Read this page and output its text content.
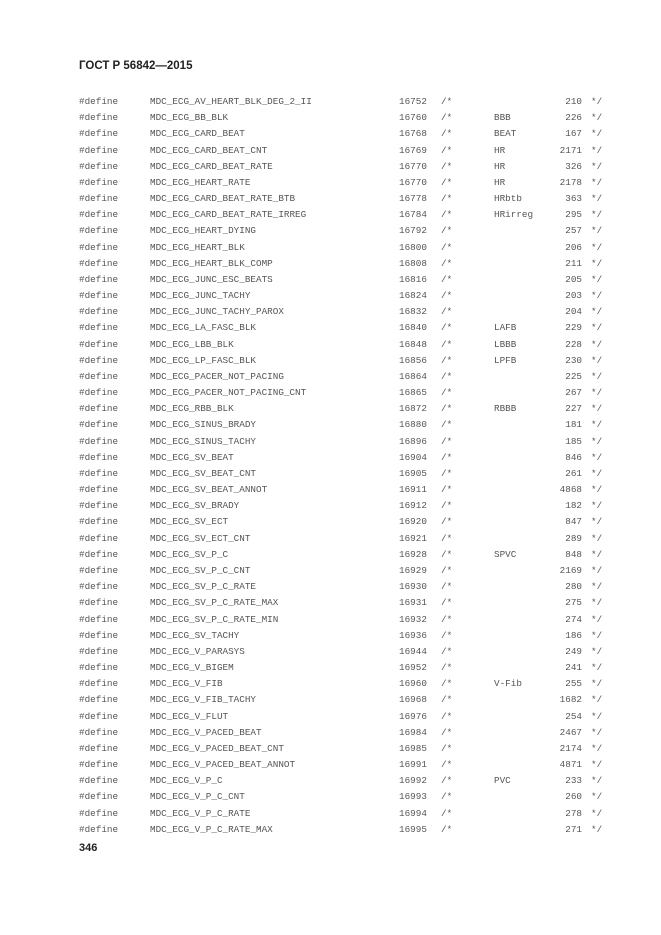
ГОСТ Р 56842—2015
#define	MDC_ECG_AV_HEART_BLK_DEG_2_II	16752 /*	210 */
#define	MDC_ECG_BB_BLK	16760 /*	BBB	226 */
#define	MDC_ECG_CARD_BEAT	16768 /*	BEAT	167 */
#define	MDC_ECG_CARD_BEAT_CNT	16769 /*	HR	2171 */
#define	MDC_ECG_CARD_BEAT_RATE	16770 /*	HR	326 */
#define	MDC_ECG_HEART_RATE	16770 /*	HR	2178 */
#define	MDC_ECG_CARD_BEAT_RATE_BTB	16778 /*	HRbtb	363 */
#define	MDC_ECG_CARD_BEAT_RATE_IRREG	16784 /*	HRirreg	295 */
#define	MDC_ECG_HEART_DYING	16792 /*	257 */
#define	MDC_ECG_HEART_BLK	16800 /*	206 */
#define	MDC_ECG_HEART_BLK_COMP	16808 /*	211 */
#define	MDC_ECG_JUNC_ESC_BEATS	16816 /*	205 */
#define	MDC_ECG_JUNC_TACHY	16824 /*	203 */
#define	MDC_ECG_JUNC_TACHY_PAROX	16832 /*	204 */
#define	MDC_ECG_LA_FASC_BLK	16840 /*	LAFB	229 */
#define	MDC_ECG_LBB_BLK	16848 /*	LBBB	228 */
#define	MDC_ECG_LP_FASC_BLK	16856 /*	LPFB	230 */
#define	MDC_ECG_PACER_NOT_PACING	16864 /*	225 */
#define	MDC_ECG_PACER_NOT_PACING_CNT	16865 /*	267 */
#define	MDC_ECG_RBB_BLK	16872 /*	RBBB	227 */
#define	MDC_ECG_SINUS_BRADY	16880 /*	181 */
#define	MDC_ECG_SINUS_TACHY	16896 /*	185 */
#define	MDC_ECG_SV_BEAT	16904 /*	846 */
#define	MDC_ECG_SV_BEAT_CNT	16905 /*	261 */
#define	MDC_ECG_SV_BEAT_ANNOT	16911 /*	4868 */
#define	MDC_ECG_SV_BRADY	16912 /*	182 */
#define	MDC_ECG_SV_ECT	16920 /*	847 */
#define	MDC_ECG_SV_ECT_CNT	16921 /*	289 */
#define	MDC_ECG_SV_P_C	16928 /*	SPVC	848 */
#define	MDC_ECG_SV_P_C_CNT	16929 /*	2169 */
#define	MDC_ECG_SV_P_C_RATE	16930 /*	280 */
#define	MDC_ECG_SV_P_C_RATE_MAX	16931 /*	275 */
#define	MDC_ECG_SV_P_C_RATE_MIN	16932 /*	274 */
#define	MDC_ECG_SV_TACHY	16936 /*	186 */
#define	MDC_ECG_V_PARASYS	16944 /*	249 */
#define	MDC_ECG_V_BIGEM	16952 /*	241 */
#define	MDC_ECG_V_FIB	16960 /*	V-Fib	255 */
#define	MDC_ECG_V_FIB_TACHY	16968 /*	1682 */
#define	MDC_ECG_V_FLUT	16976 /*	254 */
#define	MDC_ECG_V_PACED_BEAT	16984 /*	2467 */
#define	MDC_ECG_V_PACED_BEAT_CNT	16985 /*	2174 */
#define	MDC_ECG_V_PACED_BEAT_ANNOT	16991 /*	4871 */
#define	MDC_ECG_V_P_C	16992 /*	PVC	233 */
#define	MDC_ECG_V_P_C_CNT	16993 /*	260 */
#define	MDC_ECG_V_P_C_RATE	16994 /*	278 */
#define	MDC_ECG_V_P_C_RATE_MAX	16995 /*	271 */
346
